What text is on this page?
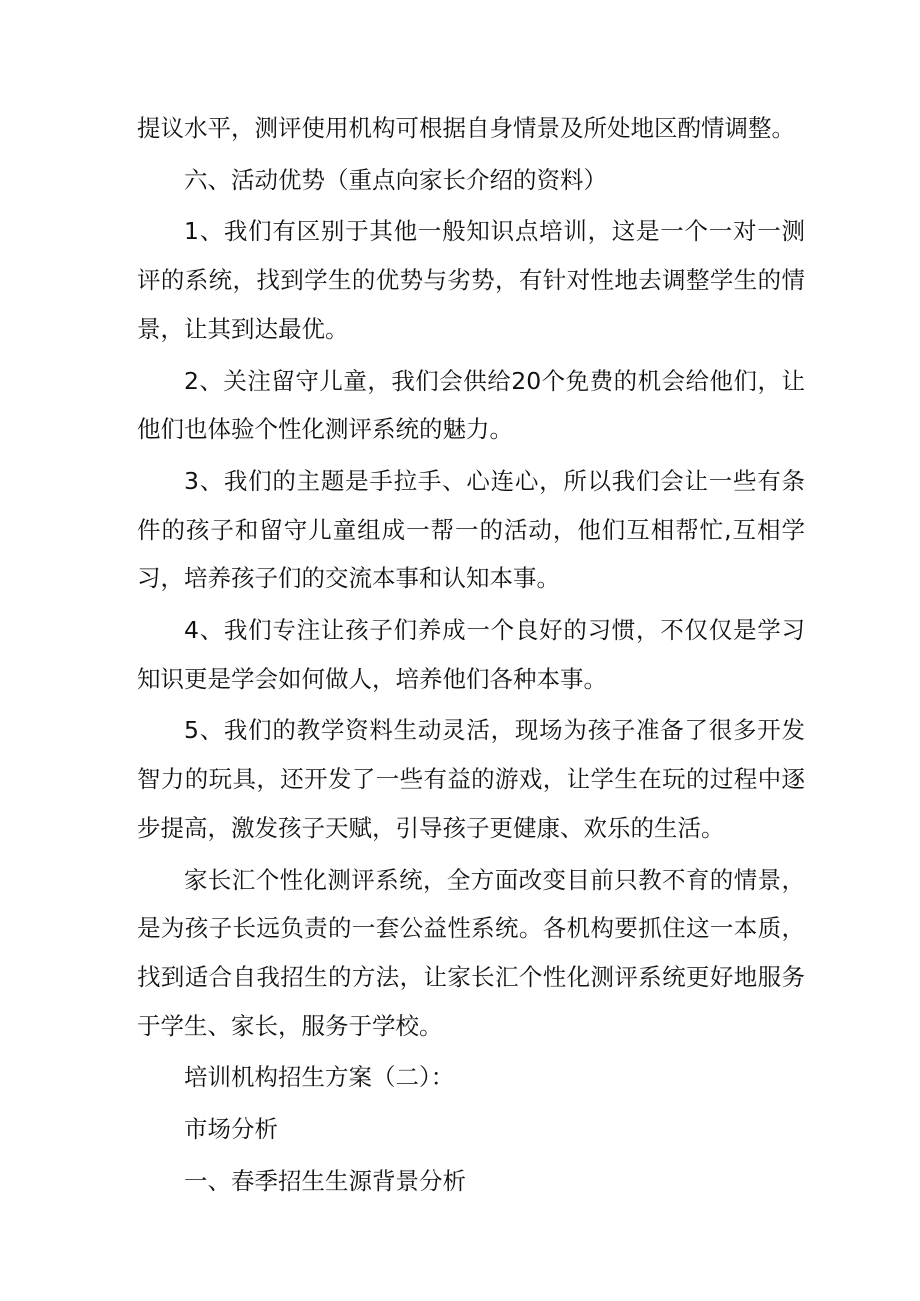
提议水平，测评使用机构可根据自身情景及所处地区酌情调整。

六、活动优势（重点向家长介绍的资料）

1、我们有区别于其他一般知识点培训，这是一个一对一测评的系统，找到学生的优势与劣势，有针对性地去调整学生的情景，让其到达最优。

2、关注留守儿童，我们会供给20个免费的机会给他们，让他们也体验个性化测评系统的魅力。

3、我们的主题是手拉手、心连心，所以我们会让一些有条件的孩子和留守儿童组成一帮一的活动，他们互相帮忙,互相学习，培养孩子们的交流本事和认知本事。

4、我们专注让孩子们养成一个良好的习惯，不仅仅是学习知识更是学会如何做人，培养他们各种本事。

5、我们的教学资料生动灵活，现场为孩子准备了很多开发智力的玩具，还开发了一些有益的游戏，让学生在玩的过程中逐步提高，激发孩子天赋，引导孩子更健康、欢乐的生活。

家长汇个性化测评系统，全方面改变目前只教不育的情景，是为孩子长远负责的一套公益性系统。各机构要抓住这一本质，找到适合自我招生的方法，让家长汇个性化测评系统更好地服务于学生、家长，服务于学校。

培训机构招生方案（二）：

市场分析

一、春季招生生源背景分析
